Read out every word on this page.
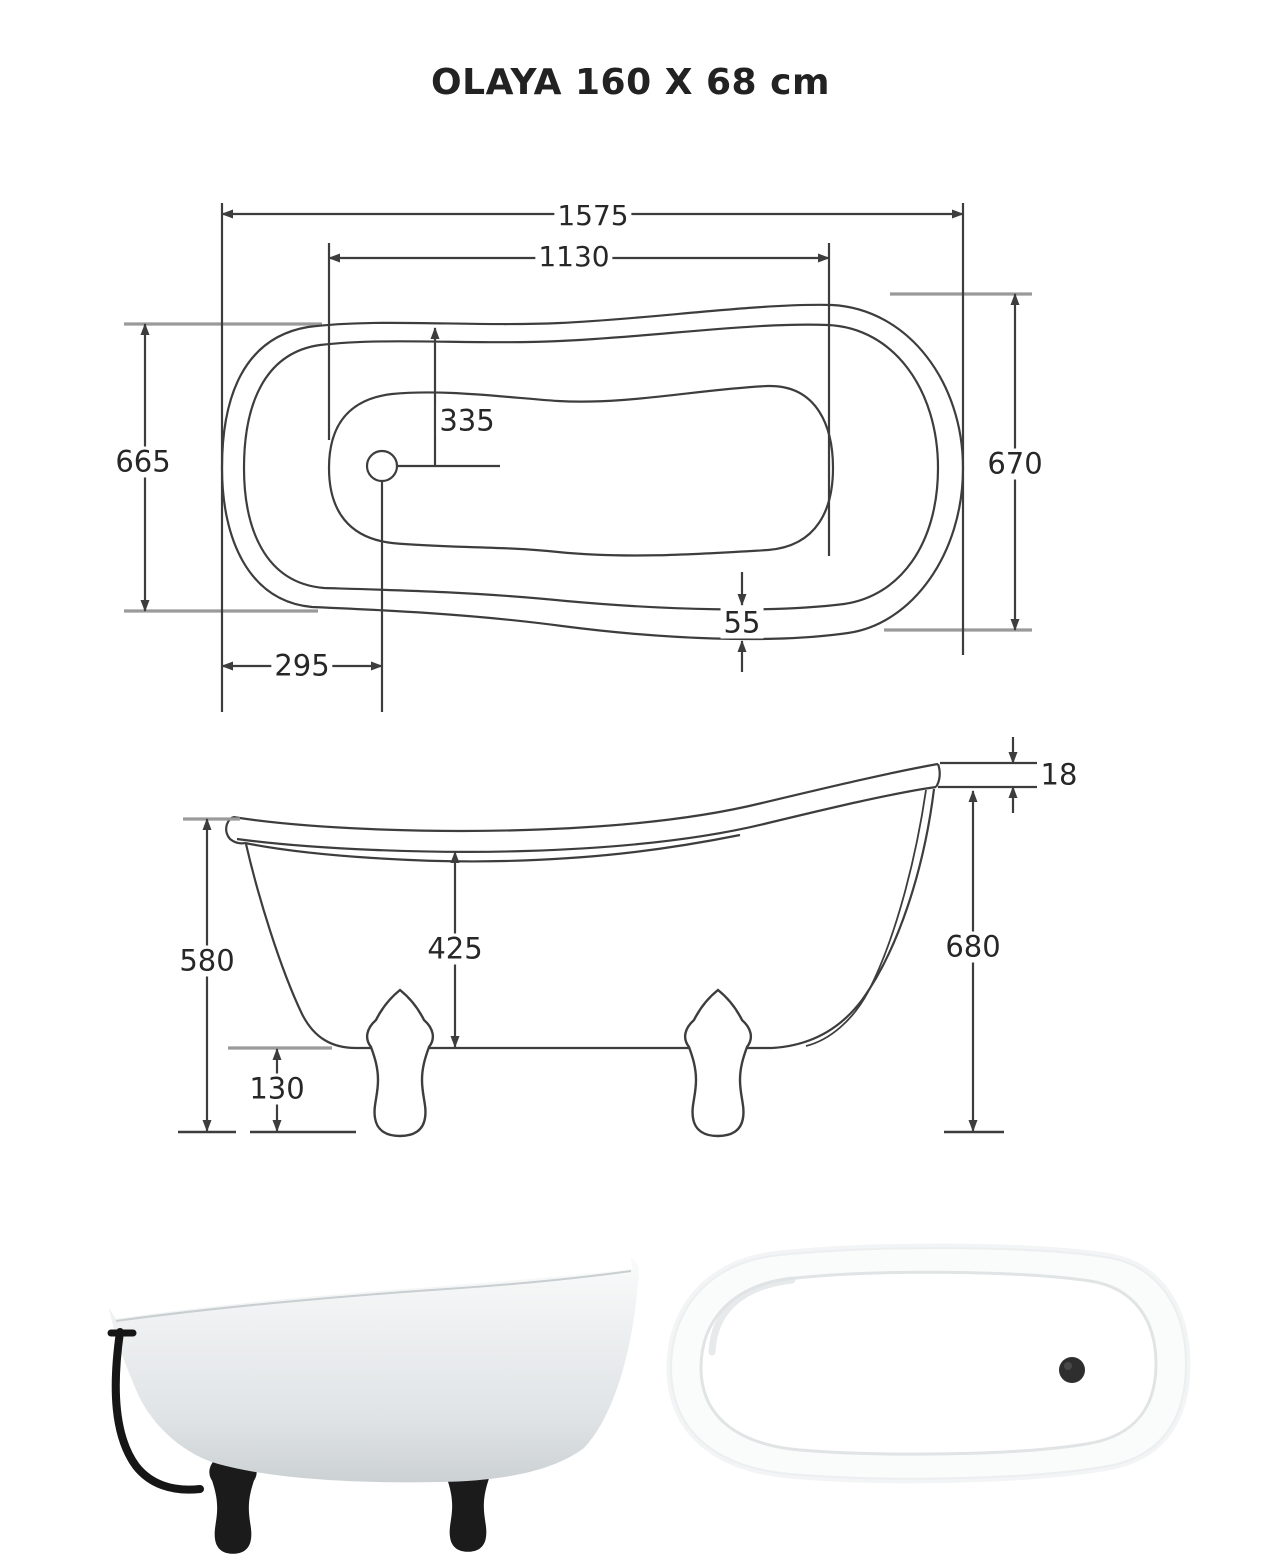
OLAYA 160 X 68 cm
1575
1130
665	670
335
295
55
18
580	425
130
680
